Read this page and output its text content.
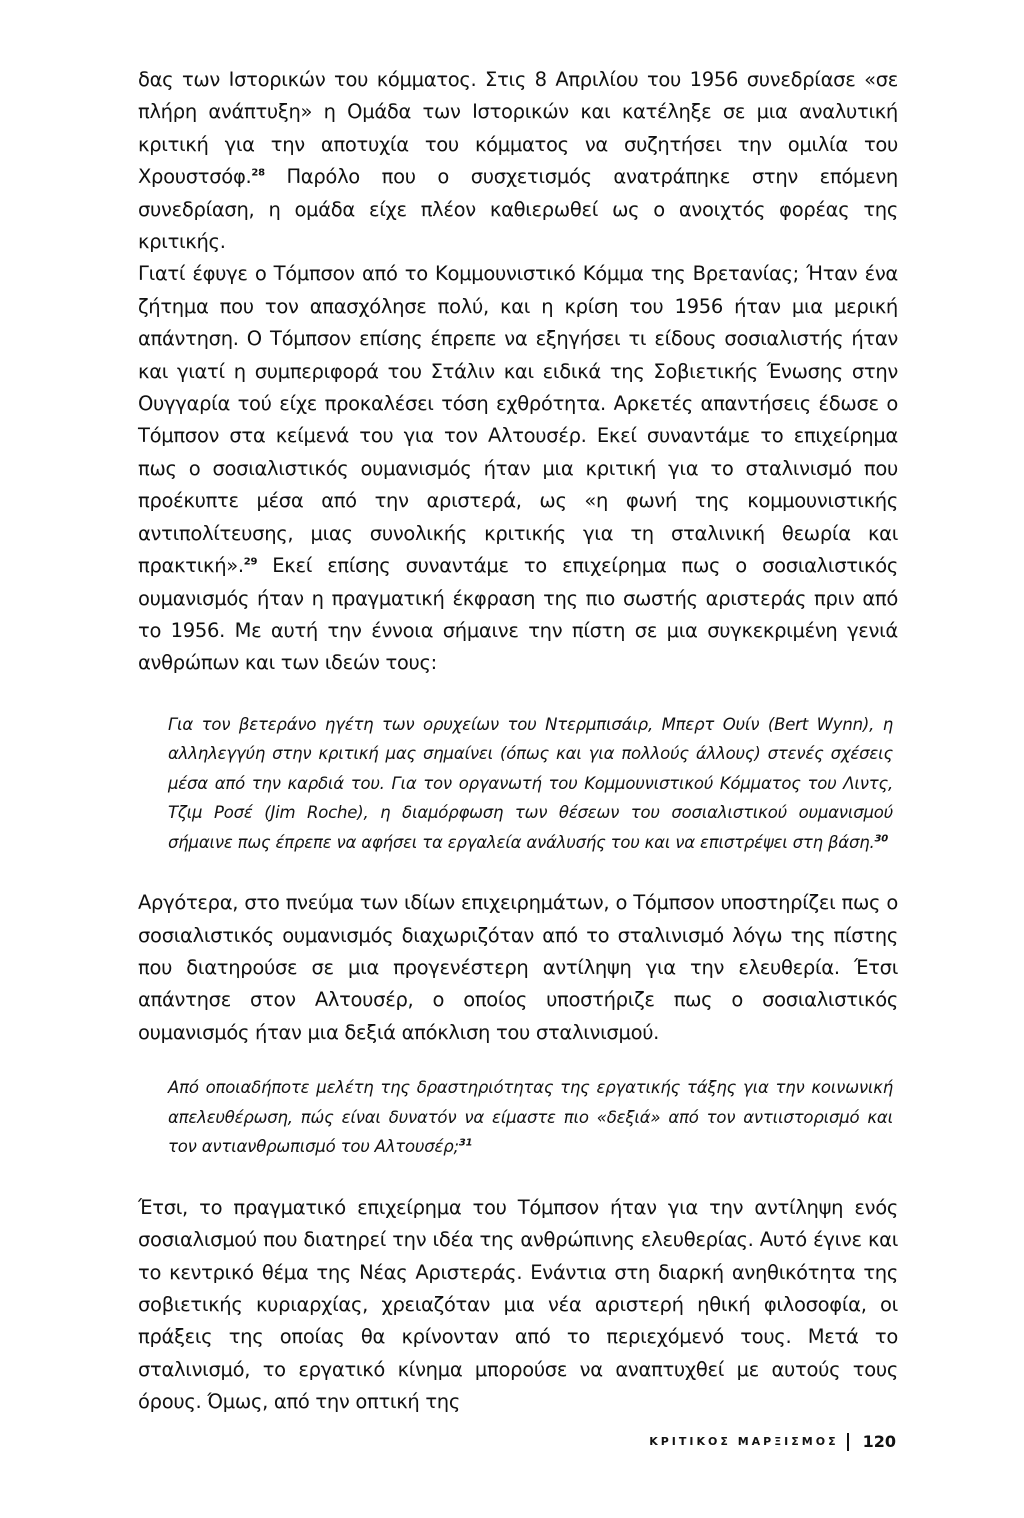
δας των Ιστορικών του κόμματος. Στις 8 Απριλίου του 1956 συνεδρίασε «σε πλήρη ανάπτυξη» η Ομάδα των Ιστορικών και κατέληξε σε μια αναλυτική κριτική για την αποτυχία του κόμματος να συζητήσει την ομιλία του Χρουστσόφ.$^{28}$ Παρόλο που ο συσχετισμός ανατράπηκε στην επόμενη συνεδρίαση, η ομάδα είχε πλέον καθιερωθεί ως ο ανοιχτός φορέας της κριτικής.

Γιατί έφυγε ο Τόμπσον από το Κομμουνιστικό Κόμμα της Βρετανίας; Ήταν ένα ζήτημα που τον απασχόλησε πολύ, και η κρίση του 1956 ήταν μια μερική απάντηση. Ο Τόμπσον επίσης έπρεπε να εξηγήσει τι είδους σοσιαλιστής ήταν και γιατί η συμπεριφορά του Στάλιν και ειδικά της Σοβιετικής Ένωσης στην Ουγγαρία τού είχε προκαλέσει τόση εχθρότητα. Αρκετές απαντήσεις έδωσε ο Τόμπσον στα κείμενά του για τον Αλτουσέρ. Εκεί συναντάμε το επιχείρημα πως ο σοσιαλιστικός ουμανισμός ήταν μια κριτική για το σταλινισμό που προέκυπτε μέσα από την αριστερά, ως «η φωνή της κομμουνιστικής αντιπολίτευσης, μιας συνολικής κριτικής για τη σταλινική θεωρία και πρακτική».$^{29}$ Εκεί επίσης συναντάμε το επιχείρημα πως ο σοσιαλιστικός ουμανισμός ήταν η πραγματική έκφραση της πιο σωστής αριστεράς πριν από το 1956. Με αυτή την έννοια σήμαινε την πίστη σε μια συγκεκριμένη γενιά ανθρώπων και των ιδεών τους:

Για τον βετεράνο ηγέτη των ορυχείων του Ντερμπισάιρ, Μπερτ Ουίν (Bert Wynn), η αλληλεγγύη στην κριτική μας σημαίνει (όπως και για πολλούς άλλους) στενές σχέσεις μέσα από την καρδιά του. Για τον οργανωτή του Κομμουνιστικού Κόμματος του Λιντς, Τζιμ Ροσέ (Jim Roche), η διαμόρφωση των θέσεων του σοσιαλιστικού ουμανισμού σήμαινε πως έπρεπε να αφήσει τα εργαλεία ανάλυσής του και να επιστρέψει στη βάση.$^{30}$

Αργότερα, στο πνεύμα των ιδίων επιχειρημάτων, ο Τόμπσον υποστηρίζει πως ο σοσιαλιστικός ουμανισμός διαχωριζόταν από το σταλινισμό λόγω της πίστης που διατηρούσε σε μια προγενέστερη αντίληψη για την ελευθερία. Έτσι απάντησε στον Αλτουσέρ, ο οποίος υποστήριζε πως ο σοσιαλιστικός ουμανισμός ήταν μια δεξιά απόκλιση του σταλινισμού.

Από οποιαδήποτε μελέτη της δραστηριότητας της εργατικής τάξης για την κοινωνική απελευθέρωση, πώς είναι δυνατόν να είμαστε πιο «δεξιά» από τον αντιιστορισμό και τον αντιανθρωπισμό του Αλτουσέρ;$^{31}$

Έτσι, το πραγματικό επιχείρημα του Τόμπσον ήταν για την αντίληψη ενός σοσιαλισμού που διατηρεί την ιδέα της ανθρώπινης ελευθερίας. Αυτό έγινε και το κεντρικό θέμα της Νέας Αριστεράς. Ενάντια στη διαρκή ανηθικότητα της σοβιετικής κυριαρχίας, χρειαζόταν μια νέα αριστερή ηθική φιλοσοφία, οι πράξεις της οποίας θα κρίνονταν από το περιεχόμενό τους. Μετά το σταλινισμό, το εργατικό κίνημα μπορούσε να αναπτυχθεί με αυτούς τους όρους. Όμως, από την οπτική της

ΚΡΙΤΙΚΟΣ ΜΑΡΞΙΣΜΟΣ 120
